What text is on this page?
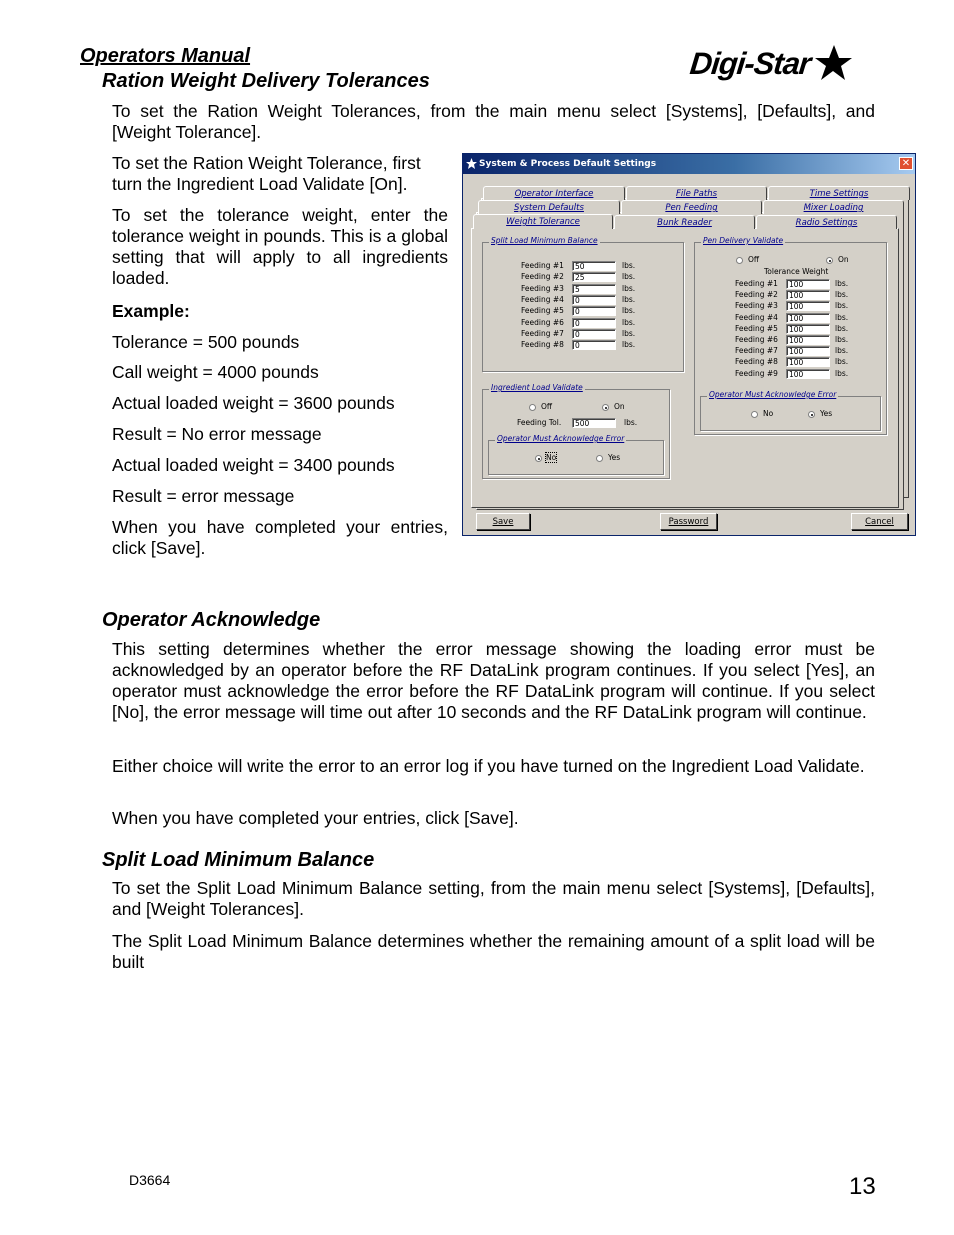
Operators Manual
Ration Weight Delivery Tolerances	Digi-Star
To set the Ration Weight Tolerances, from the main menu select [Systems], [Defaults], and [Weight Tolerance].
To set the Ration Weight Tolerance, first turn the Ingredient Load Validate [On].
To set the tolerance weight, enter the tolerance weight in pounds. This is a global setting that will apply to all ingredients loaded.
Example:
Tolerance = 500 pounds
Call weight = 4000 pounds
Actual loaded weight = 3600 pounds
Result = No error message
Actual loaded weight = 3400 pounds
Result = error message
When you have completed your entries, click [Save].
System & Process Default Settings	✕
Operator Interface	File Paths	Time Settings
System Defaults	Pen Feeding	Mixer Loading
Split Load Minimum Balance
Feeding #1	50	lbs.
Feeding #2	25	lbs.
Feeding #3	5	lbs.
Feeding #4	0	lbs.
Feeding #5	0	lbs.
Feeding #6	0	lbs.
Feeding #7	0	lbs.
Feeding #8	0	lbs.
Ingredient Load Validate
Off	On
Feeding Tol.	500	lbs.
Operator Must Acknowledge Error
No	Yes
Pen Delivery Validate
Off	On
Tolerance Weight
Feeding #1	100	lbs.
Feeding #2	100	lbs.
Feeding #3	100	lbs.
Feeding #4	100	lbs.
Feeding #5	100	lbs.
Feeding #6	100	lbs.
Feeding #7	100	lbs.
Feeding #8	100	lbs.
Feeding #9	100	lbs.
Operator Must Acknowledge Error
No	Yes
Weight Tolerance	Bunk Reader	Radio Settings
Save	Password	Cancel
Operator Acknowledge
This setting determines whether the error message showing the loading error must be acknowledged by an operator before the RF DataLink program continues. If you select [Yes], an operator must acknowledge the error before the RF DataLink program will continue. If you select [No], the error message will time out after 10 seconds and the RF DataLink program will continue.
Either choice will write the error to an error log if you have turned on the Ingredient Load Validate.
When you have completed your entries, click [Save].
Split Load Minimum Balance
To set the Split Load Minimum Balance setting, from the main menu select [Systems], [Defaults], and [Weight Tolerances].
The Split Load Minimum Balance determines whether the remaining amount of a split load will be built
D3664	13
